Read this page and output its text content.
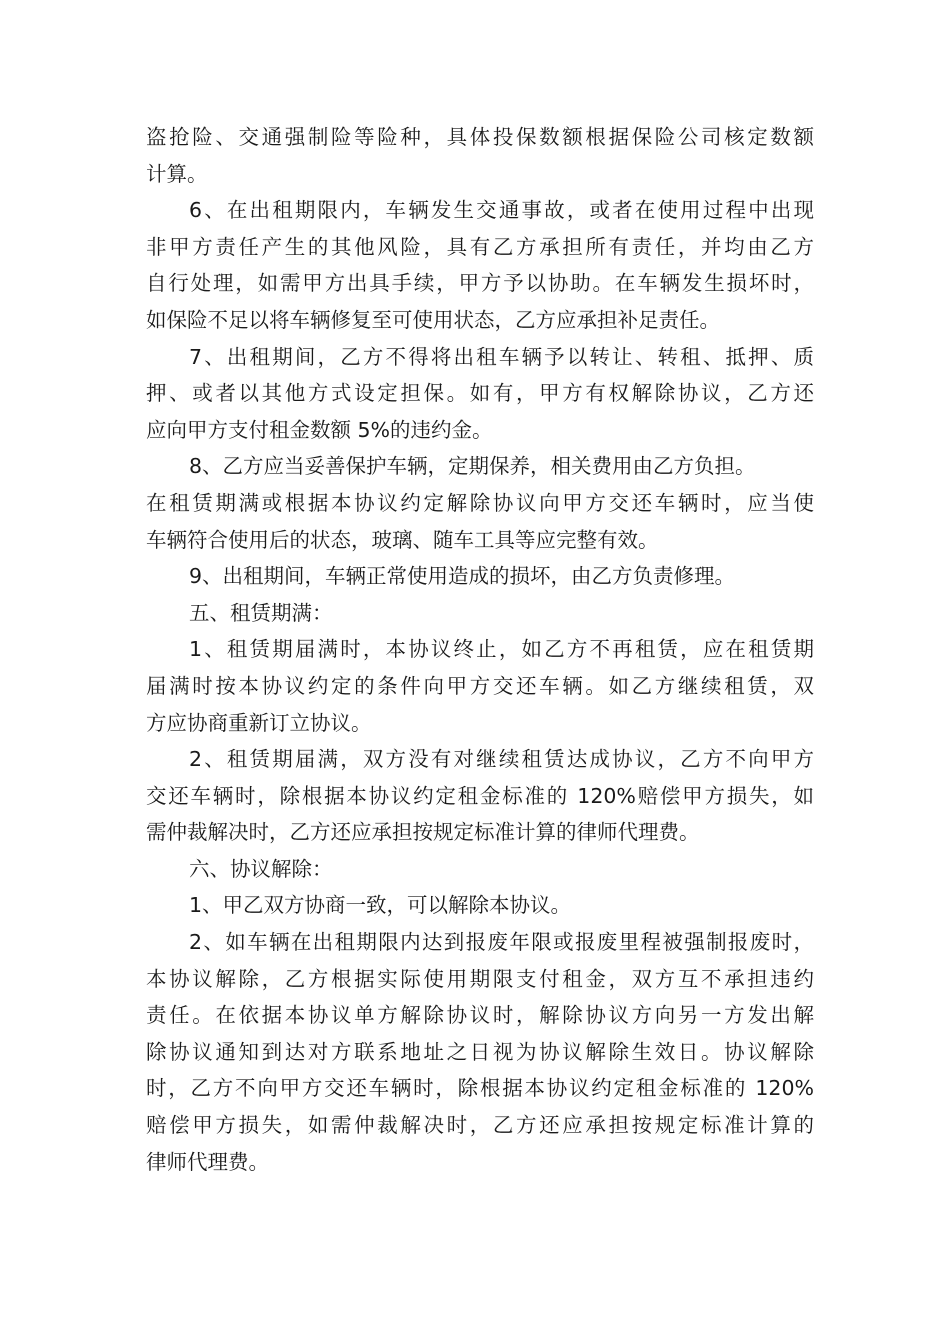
盗抢险、交通强制险等险种，具体投保数额根据保险公司核定数额
计算。
6、在出租期限内，车辆发生交通事故，或者在使用过程中出现
非甲方责任产生的其他风险，具有乙方承担所有责任，并均由乙方
自行处理，如需甲方出具手续，甲方予以协助。在车辆发生损坏时，
如保险不足以将车辆修复至可使用状态，乙方应承担补足责任。
7、出租期间，乙方不得将出租车辆予以转让、转租、抵押、质
押、或者以其他方式设定担保。如有，甲方有权解除协议，乙方还
应向甲方支付租金数额 5%的违约金。
8、乙方应当妥善保护车辆，定期保养，相关费用由乙方负担。
在租赁期满或根据本协议约定解除协议向甲方交还车辆时，应当使
车辆符合使用后的状态，玻璃、随车工具等应完整有效。
9、出租期间，车辆正常使用造成的损坏，由乙方负责修理。
五、租赁期满：
1、租赁期届满时，本协议终止，如乙方不再租赁，应在租赁期
届满时按本协议约定的条件向甲方交还车辆。如乙方继续租赁，双
方应协商重新订立协议。
2、租赁期届满，双方没有对继续租赁达成协议，乙方不向甲方
交还车辆时，除根据本协议约定租金标准的 120%赔偿甲方损失，如
需仲裁解决时，乙方还应承担按规定标准计算的律师代理费。
六、协议解除：
1、甲乙双方协商一致，可以解除本协议。
2、如车辆在出租期限内达到报废年限或报废里程被强制报废时，
本协议解除，乙方根据实际使用期限支付租金，双方互不承担违约
责任。在依据本协议单方解除协议时，解除协议方向另一方发出解
除协议通知到达对方联系地址之日视为协议解除生效日。协议解除
时，乙方不向甲方交还车辆时，除根据本协议约定租金标准的 120%
赔偿甲方损失，如需仲裁解决时，乙方还应承担按规定标准计算的
律师代理费。
